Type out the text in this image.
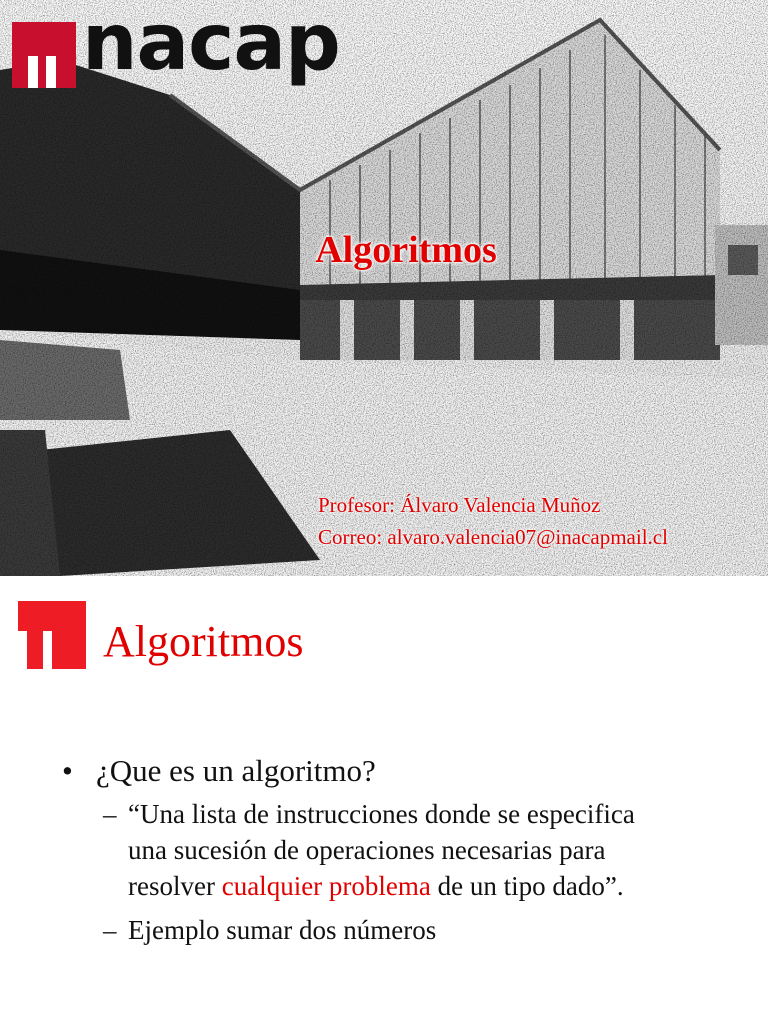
nacap
Algoritmos
Profesor: Álvaro Valencia Muñoz
Correo: alvaro.valencia07@inacapmail.cl
Algoritmos
• ¿Que es un algoritmo?
– “Una lista de instrucciones donde se especifica
una sucesión de operaciones necesarias para
resolver cualquier problema de un tipo dado”.
– Ejemplo sumar dos números
